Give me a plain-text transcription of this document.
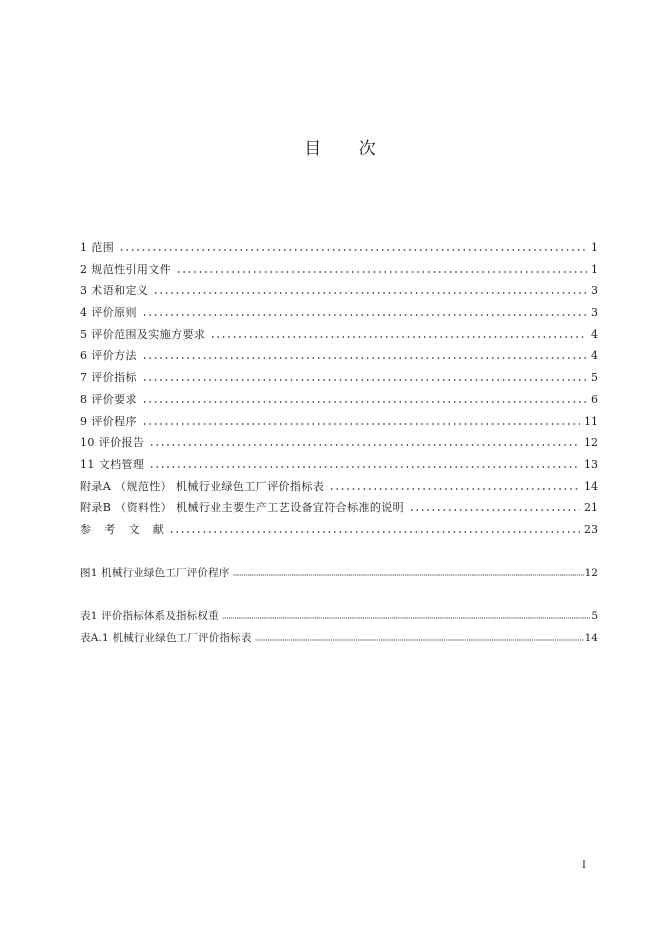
目 次
1 范围	1
2 规范性引用文件	1
3 术语和定义	3
4 评价原则	3
5 评价范围及实施方要求	4
6 评价方法	4
7 评价指标	5
8 评价要求	6
9 评价程序	11
10 评价报告	12
11 文档管理	13
附录A （规范性） 机械行业绿色工厂评价指标表	14
附录B （资料性） 机械行业主要生产工艺设备宜符合标准的说明	21
参 考 文 献	23
图1 机械行业绿色工厂评价程序	12
表1 评价指标体系及指标权重	5
表A.1 机械行业绿色工厂评价指标表	14
I
